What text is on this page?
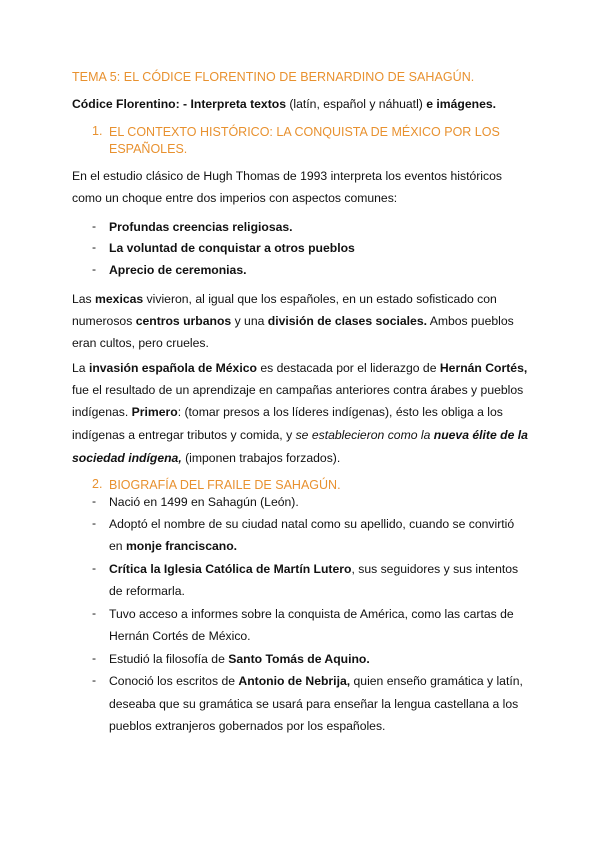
TEMA 5: EL CÓDICE FLORENTINO DE BERNARDINO DE SAHAGÚN.
Códice Florentino: - Interpreta textos (latín, español y náhuatl) e imágenes.
1. EL CONTEXTO HISTÓRICO: LA CONQUISTA DE MÉXICO POR LOS
ESPAÑOLES.
En el estudio clásico de Hugh Thomas de 1993 interpreta los eventos históricos
como un choque entre dos imperios con aspectos comunes:
- Profundas creencias religiosas.
- La voluntad de conquistar a otros pueblos
- Aprecio de ceremonias.
Las mexicas vivieron, al igual que los españoles, en un estado sofisticado con
numerosos centros urbanos y una división de clases sociales. Ambos pueblos
eran cultos, pero crueles.
La invasión española de México es destacada por el liderazgo de Hernán Cortés,
fue el resultado de un aprendizaje en campañas anteriores contra árabes y pueblos
indígenas. Primero: (tomar presos a los líderes indígenas), ésto les obliga a los
indígenas a entregar tributos y comida, y se establecieron como la nueva élite de la
sociedad indígena, (imponen trabajos forzados).
2. BIOGRAFÍA DEL FRAILE DE SAHAGÚN.
- Nació en 1499 en Sahagún (León).
- Adoptó el nombre de su ciudad natal como su apellido, cuando se convirtió
en monje franciscano.
- Crítica la Iglesia Católica de Martín Lutero, sus seguidores y sus intentos
de reformarla.
- Tuvo acceso a informes sobre la conquista de América, como las cartas de
Hernán Cortés de México.
- Estudió la filosofía de Santo Tomás de Aquino.
- Conoció los escritos de Antonio de Nebrija, quien enseño gramática y latín,
deseaba que su gramática se usará para enseñar la lengua castellana a los
pueblos extranjeros gobernados por los españoles.
